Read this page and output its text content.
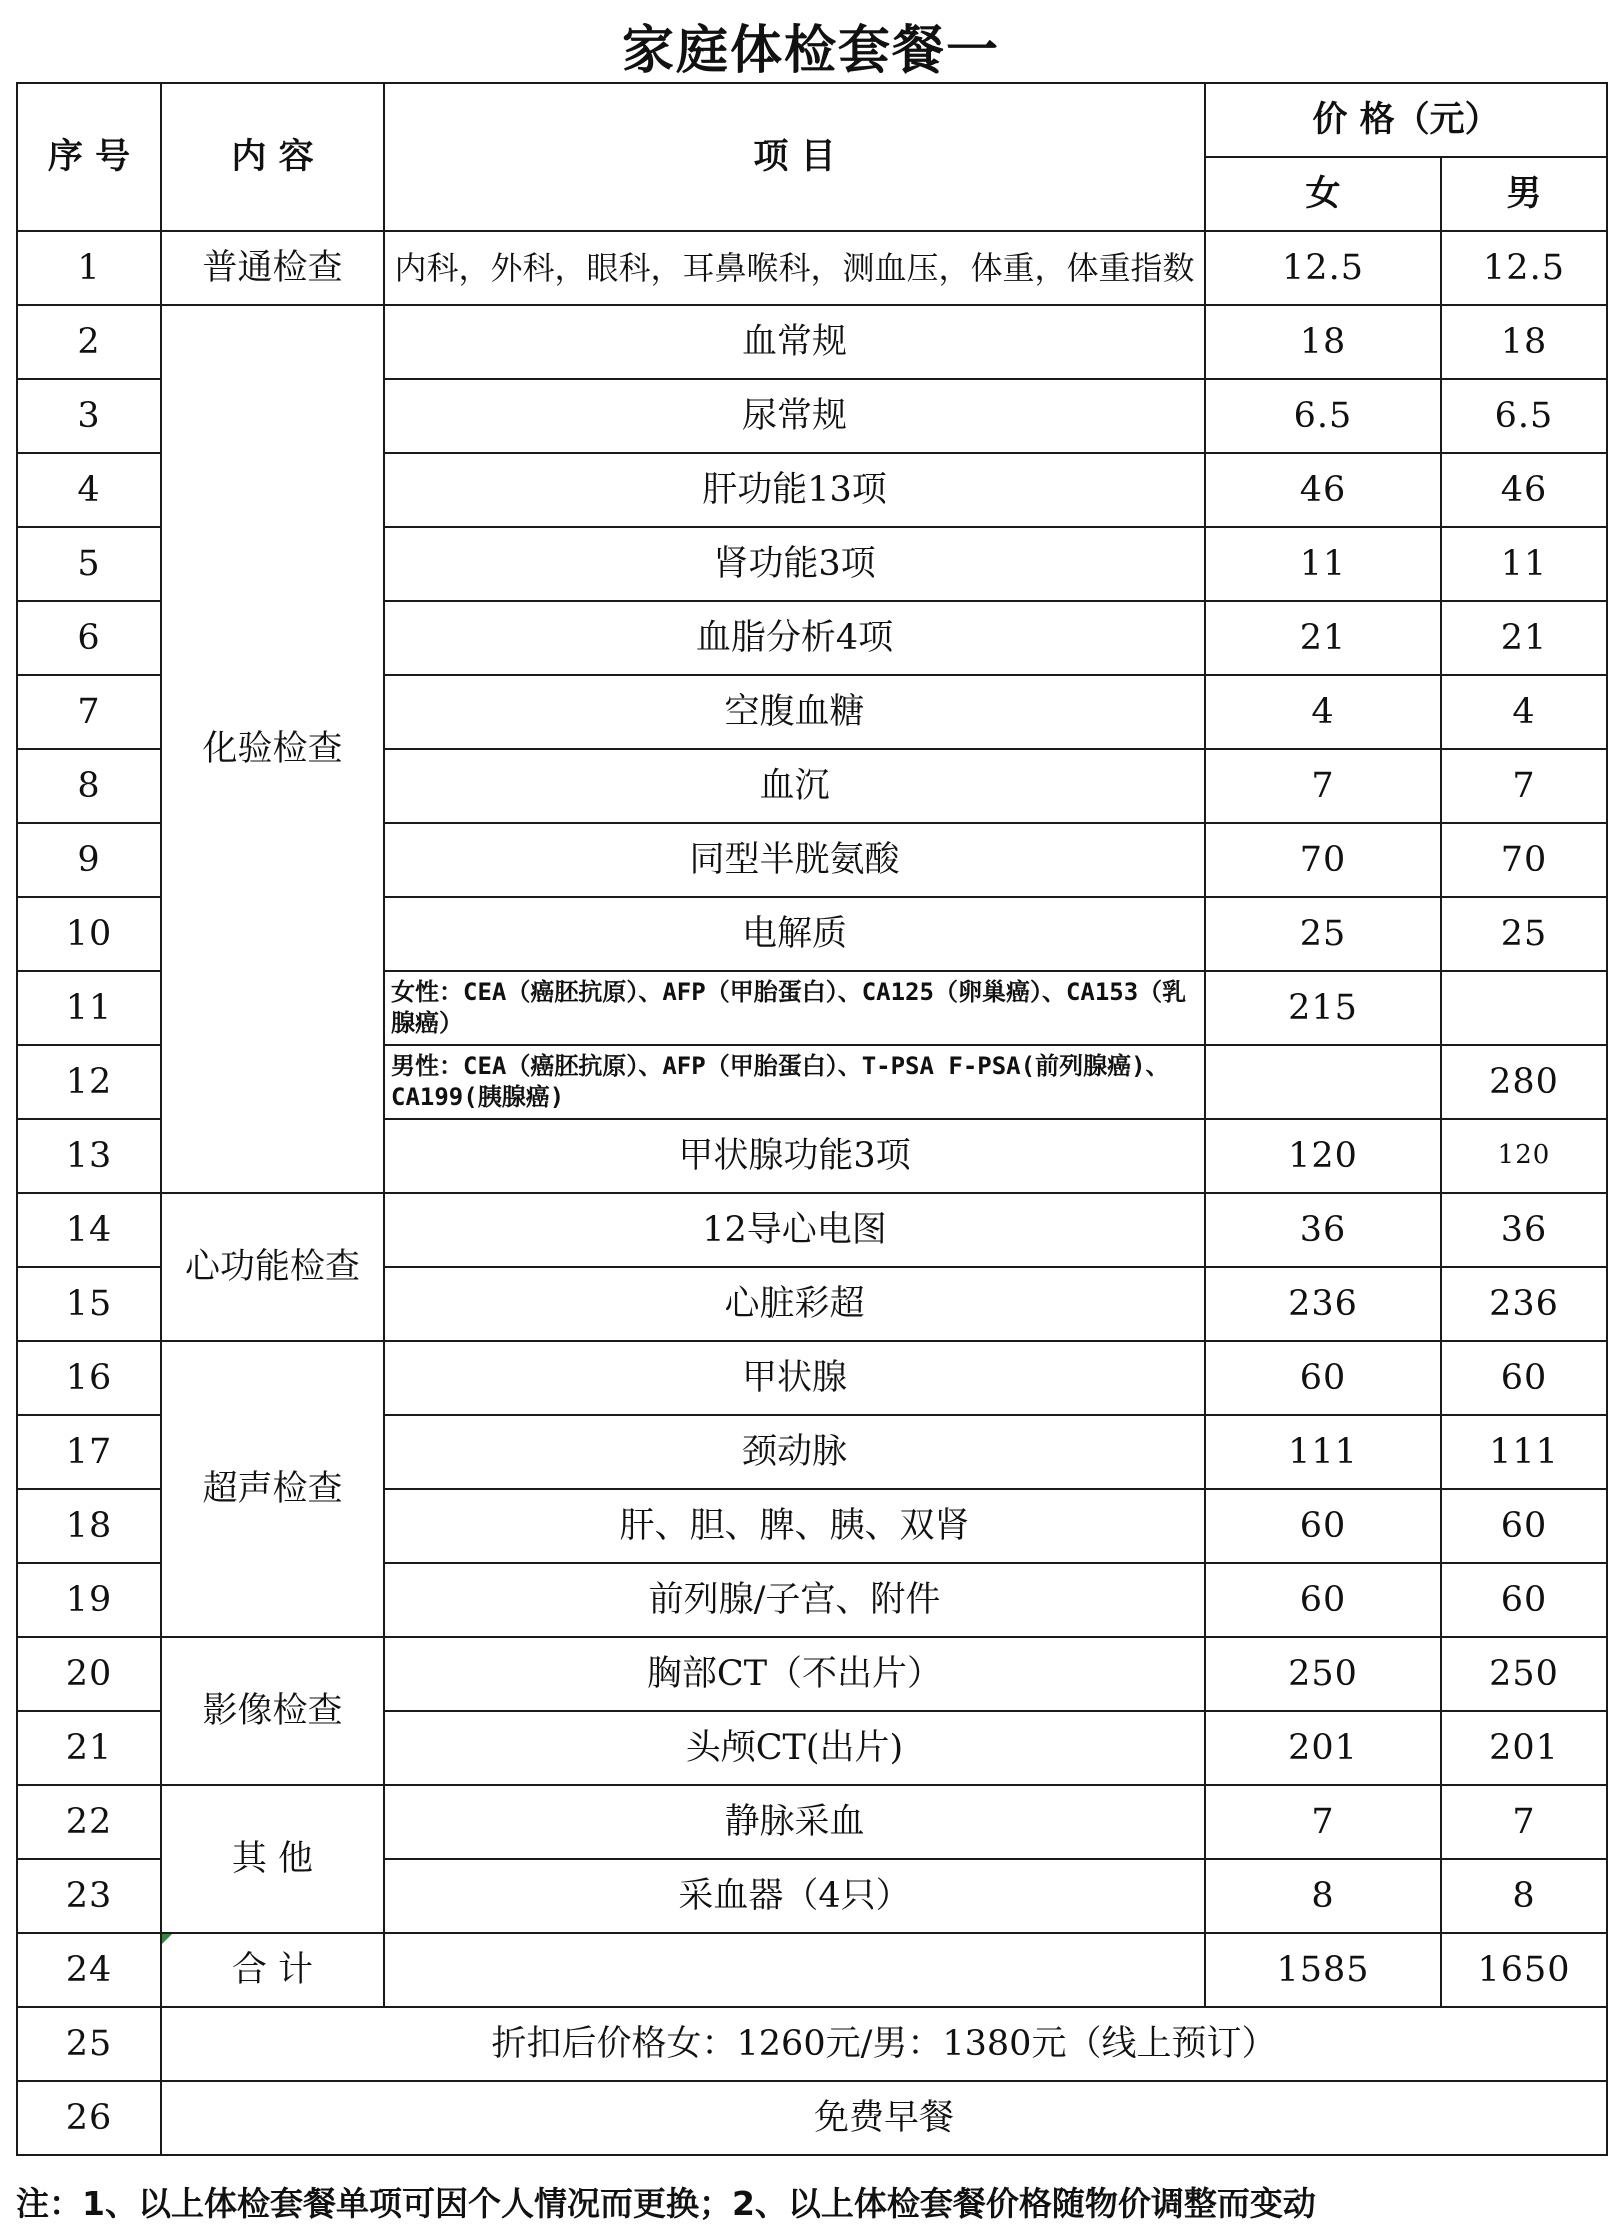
家庭体检套餐一
序 号	内 容	项 目	价 格（元）	
			女	男
1	普通检查	内科，外科，眼科，耳鼻喉科，测血压，体重，体重指数	12.5	12.5
2	化验检查	血常规	18	18
3		尿常规	6.5	6.5
4		肝功能13项	46	46
5		肾功能3项	11	11
6		血脂分析4项	21	21
7		空腹血糖	4	4
8		血沉	7	7
9		同型半胱氨酸	70	70
10		电解质	25	25
11		女性：CEA（癌胚抗原）、AFP（甲胎蛋白）、CA125（卵巢癌）、CA153（乳腺癌）	215	
12		男性：CEA（癌胚抗原）、AFP（甲胎蛋白）、T-PSA F-PSA(前列腺癌)、CA199(胰腺癌)		280
13		甲状腺功能3项	120	120
14	心功能检查	12导心电图	36	36
15		心脏彩超	236	236
16	超声检查	甲状腺	60	60
17		颈动脉	111	111
18		肝、胆、脾、胰、双肾	60	60
19		前列腺/子宫、附件	60	60
20	影像检查	胸部CT（不出片）	250	250
21		头颅CT(出片)	201	201
22	其 他	静脉采血	7	7
23		采血器（4只）	8	8
24	合 计		1585	1650
25	折扣后价格女：1260元/男：1380元（线上预订）			
26	免费早餐			
注：1、以上体检套餐单项可因个人情况而更换；2、以上体检套餐价格随物价调整而变动
